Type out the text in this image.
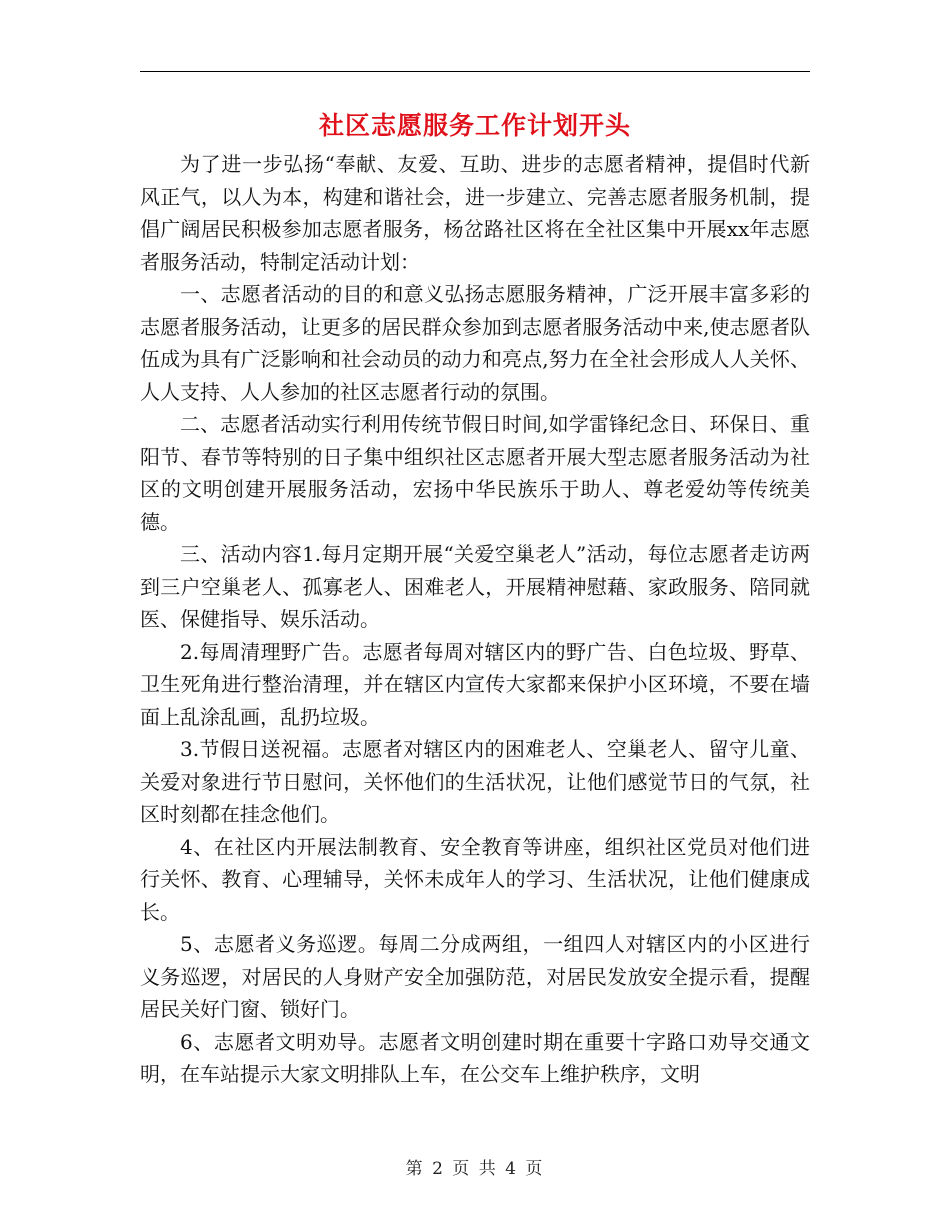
社区志愿服务工作计划开头

为了进一步弘扬“奉献、友爱、互助、进步的志愿者精神，提倡时代新风正气，以人为本，构建和谐社会，进一步建立、完善志愿者服务机制，提倡广阔居民积极参加志愿者服务，杨岔路社区将在全社区集中开展xx年志愿者服务活动，特制定活动计划：

一、志愿者活动的目的和意义弘扬志愿服务精神，广泛开展丰富多彩的志愿者服务活动，让更多的居民群众参加到志愿者服务活动中来,使志愿者队伍成为具有广泛影响和社会动员的动力和亮点,努力在全社会形成人人关怀、人人支持、人人参加的社区志愿者行动的氛围。

二、志愿者活动实行利用传统节假日时间,如学雷锋纪念日、环保日、重阳节、春节等特别的日子集中组织社区志愿者开展大型志愿者服务活动为社区的文明创建开展服务活动，宏扬中华民族乐于助人、尊老爱幼等传统美德。

三、活动内容1.每月定期开展“关爱空巢老人”活动，每位志愿者走访两到三户空巢老人、孤寡老人、困难老人，开展精神慰藉、家政服务、陪同就医、保健指导、娱乐活动。

2.每周清理野广告。志愿者每周对辖区内的野广告、白色垃圾、野草、卫生死角进行整治清理，并在辖区内宣传大家都来保护小区环境，不要在墙面上乱涂乱画，乱扔垃圾。

3.节假日送祝福。志愿者对辖区内的困难老人、空巢老人、留守儿童、关爱对象进行节日慰问，关怀他们的生活状况，让他们感觉节日的气氛，社区时刻都在挂念他们。

4、在社区内开展法制教育、安全教育等讲座，组织社区党员对他们进行关怀、教育、心理辅导，关怀未成年人的学习、生活状况，让他们健康成长。

5、志愿者义务巡逻。每周二分成两组，一组四人对辖区内的小区进行义务巡逻，对居民的人身财产安全加强防范，对居民发放安全提示看，提醒居民关好门窗、锁好门。

6、志愿者文明劝导。志愿者文明创建时期在重要十字路口劝导交通文明，在车站提示大家文明排队上车，在公交车上维护秩序，文明

第 2 页 共 4 页
